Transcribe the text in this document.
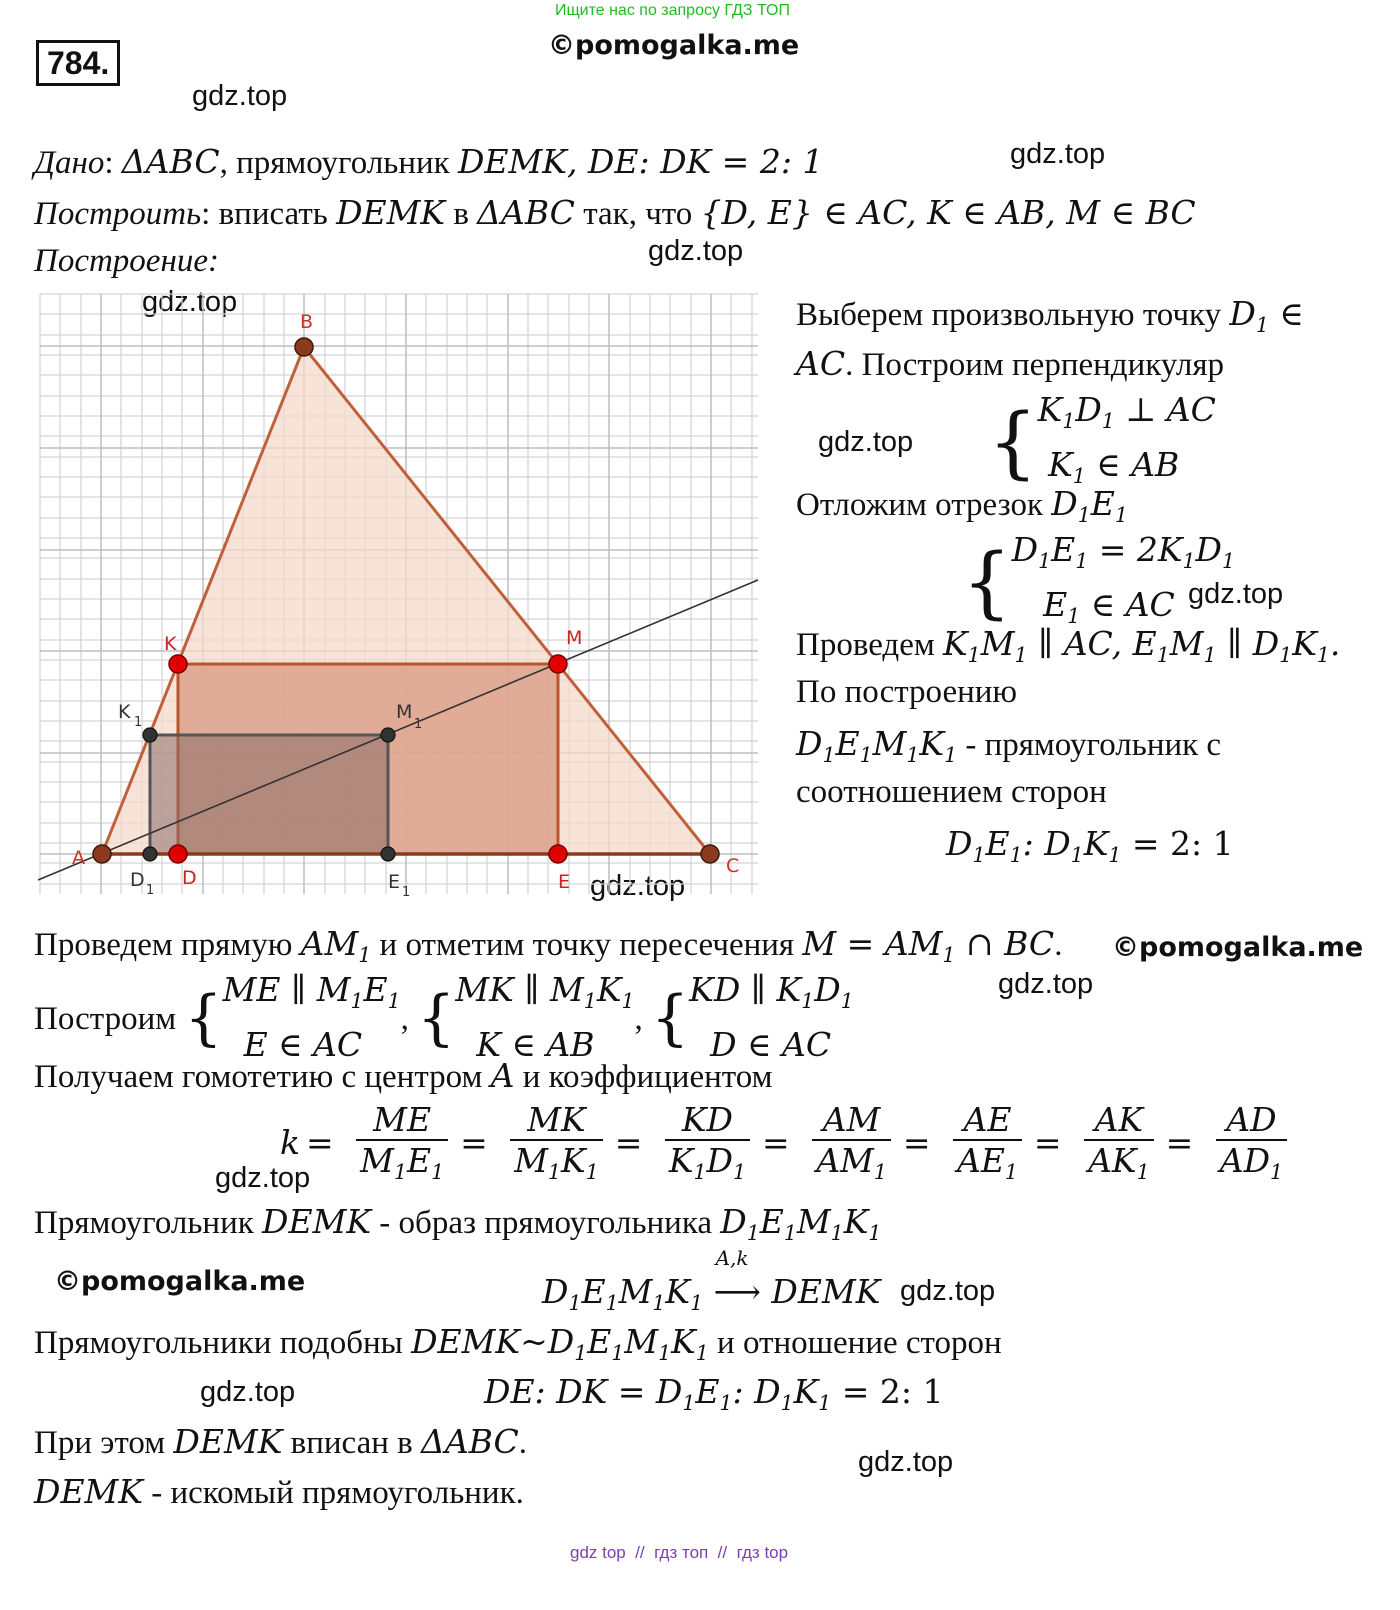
Ищите нас по запросу ГДЗ ТОП
©pomogalka.me
784.
gdz.top
gdz.top
gdz.top
gdz.top
gdz.top
gdz.top
gdz.top
gdz.top
gdz.top
gdz.top
gdz.top
gdz.top
©pomogalka.me
©pomogalka.me
Дано: ΔABC, прямоугольник DEMK, DE: DK = 2: 1
Построить: вписать DEMK в ΔABC так, что {D, E} ∈ AC, K ∈ AB, M ∈ BC
Построение:
B
K	M
K 1	M
1
A
D 1
D	E 1	E
C
Выберем произвольную точку $D_1$ ∈
AC. Построим перпендикуляр
{$K_1D_1$ ⊥ AC
$K_1$ ∈ AB
Отложим отрезок $D_1E_1$
{$D_1E_1 = 2K_1D_1$
$E_1$ ∈ AC
Проведем $K_1M_1$ ∥ AC, $E_1M_1$ ∥ $D_1K_1$.
По построению
$D_1E_1M_1K_1$ - прямоугольник с
соотношением сторон
$D_1E_1$: $D_1K_1 = 2$: 1
Проведем прямую $AM_1$ и отметим точку пересечения $M = AM_1$ ∩ BC.
Построим {ME ∥ $M_1E_1$
E ∈ AC, {MK ∥ $M_1K_1$
K ∈ AB, {KD ∥ $K_1D_1$
D ∈ AC
Получаем гомотетию с центром A и коэффициентом
$k = \frac{ME}{M_1E_1} = \frac{MK}{M_1K_1} = \frac{KD}{K_1D_1} = \frac{AM}{AM_1} = \frac{AE}{AE_1} = \frac{AK}{AK_1} = \frac{AD}{AD_1}$
Прямоугольник DEMK - образ прямоугольника $D_1E_1M_1K_1$
$D_1E_1M_1K_1$
A,k
⟶ DEMK
Прямоугольники подобны $DEMK\sim D_1E_1M_1K_1$ и отношение сторон
DE: DK = $D_1E_1$: $D_1K_1 = 2$: 1
При этом DEMK вписан в ΔABC.
DEMK - искомый прямоугольник.
gdz top  //  гдз топ  //  гдз top
